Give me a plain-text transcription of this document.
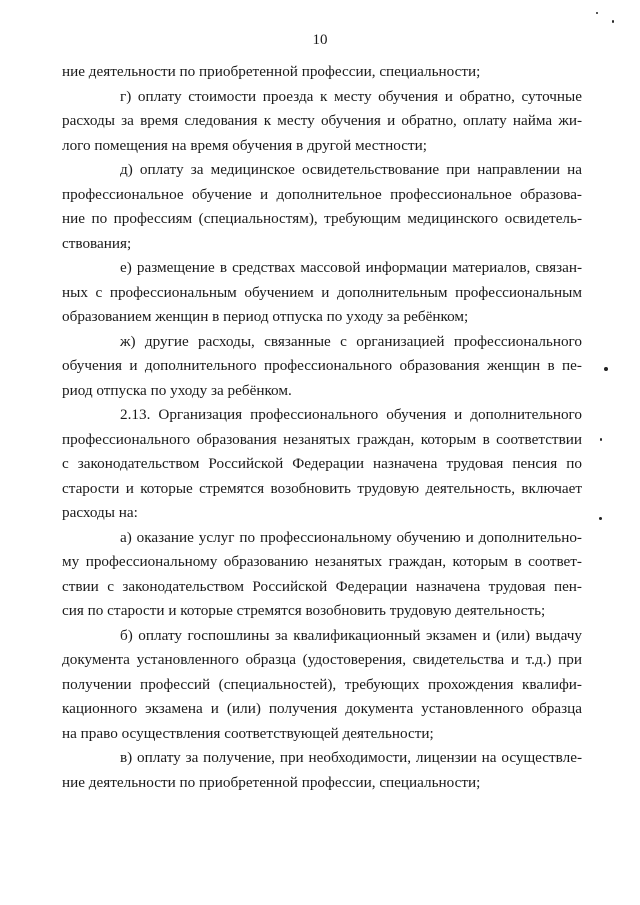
10

ние деятельности по приобретенной профессии, специальности;

г) оплату стоимости проезда к месту обучения и обратно, суточные
расходы за время следования к месту обучения и обратно, оплату найма жи-
лого помещения на время обучения в другой местности;

д) оплату за медицинское освидетельствование при направлении на
профессиональное обучение и дополнительное профессиональное образова-
ние по профессиям (специальностям), требующим медицинского освидетель-
ствования;

е) размещение в средствах массовой информации материалов, связан-
ных с профессиональным обучением и дополнительным профессиональным
образованием женщин в период отпуска по уходу за ребёнком;

ж) другие расходы, связанные с организацией профессионального
обучения и дополнительного профессионального образования женщин в пе-
риод отпуска по уходу за ребёнком.

2.13. Организация профессионального обучения и дополнительного
профессионального образования незанятых граждан, которым в соответствии
с законодательством Российской Федерации назначена трудовая пенсия по
старости и которые стремятся возобновить трудовую деятельность, включает
расходы на:

а) оказание услуг по профессиональному обучению и дополнительно-
му профессиональному образованию незанятых граждан, которым в соответ-
ствии с законодательством Российской Федерации назначена трудовая пен-
сия по старости и которые стремятся возобновить трудовую деятельность;

б) оплату госпошлины за квалификационный экзамен и (или) выдачу
документа установленного образца (удостоверения, свидетельства и т.д.) при
получении профессий (специальностей), требующих прохождения квалифи-
кационного экзамена и (или) получения документа установленного образца
на право осуществления соответствующей деятельности;

в) оплату за получение, при необходимости, лицензии на осуществле-
ние деятельности по приобретенной профессии, специальности;
